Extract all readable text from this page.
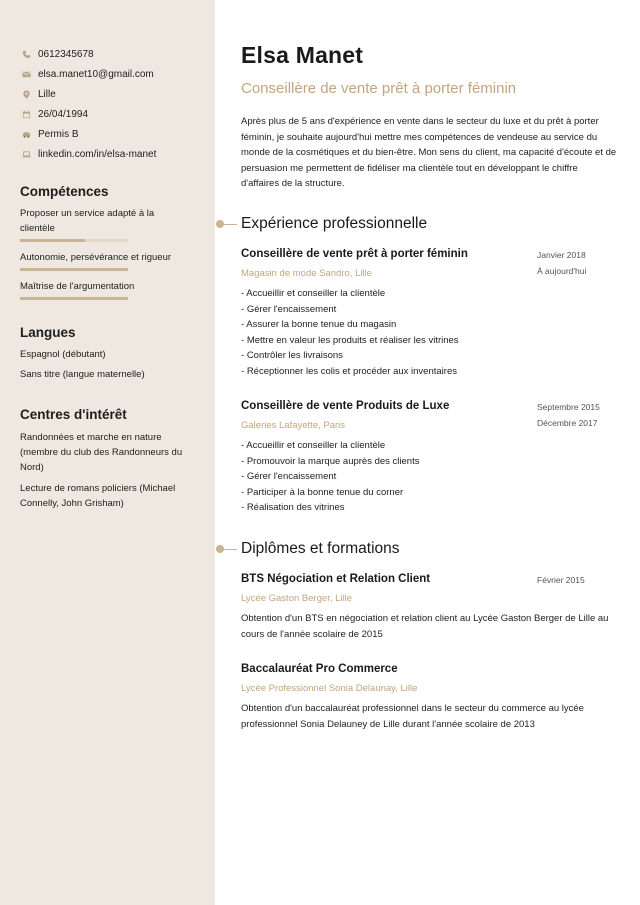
0612345678
elsa.manet10@gmail.com
Lille
26/04/1994
Permis B
linkedin.com/in/elsa-manet
Compétences
Proposer un service adapté à la clientèle
Autonomie, persévérance et rigueur
Maîtrise de l'argumentation
Langues
Espagnol (débutant)
Sans titre (langue maternelle)
Centres d'intérêt
Randonnées et marche en nature (membre du club des Randonneurs du Nord)
Lecture de romans policiers (Michael Connelly, John Grisham)
Elsa Manet
Conseillère de vente prêt à porter féminin
Après plus de 5 ans d'expérience en vente dans le secteur du luxe et du prêt à porter féminin, je souhaite aujourd'hui mettre mes compétences de vendeuse au service du monde de la cosmétiques et du bien-être. Mon sens du client, ma capacité d'écoute et de persuasion me permettent de fidéliser ma clientèle tout en développant le chiffre d'affaires de la structure.
Expérience professionnelle
Conseillère de vente prêt à porter féminin	Janvier 2018
À aujourd'hui
Magasin de mode Sandro, Lille
- Accueillir et conseiller la clientèle
- Gérer l'encaissement
- Assurer la bonne tenue du magasin
- Mettre en valeur les produits et réaliser les vitrines
- Contrôler les livraisons
- Réceptionner les colis et procéder aux inventaires
Conseillère de vente Produits de Luxe	Septembre 2015
Décembre 2017
Galeries Lafayette, Paris
- Accueillir et conseiller la clientèle
- Promouvoir la marque auprès des clients
- Gérer l'encaissement
- Participer à la bonne tenue du corner
- Réalisation des vitrines
Diplômes et formations
BTS Négociation et Relation Client	Février 2015
Lycée Gaston Berger, Lille
Obtention d'un BTS en négociation et relation client au Lycée Gaston Berger de Lille au cours de l'année scolaire de 2015
Baccalauréat Pro Commerce
Lycée Professionnel Sonia Delaunay, Lille
Obtention d'un baccalauréat professionnel dans le secteur du commerce au lycée professionnel Sonia Delauney de Lille durant l'année scolaire de 2013
